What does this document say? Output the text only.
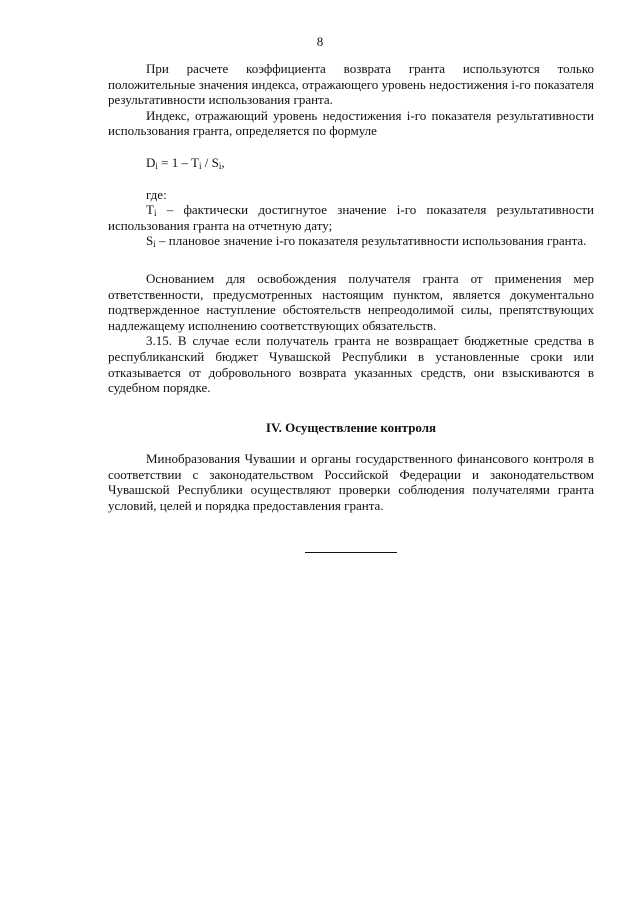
8

При расчете коэффициента возврата гранта используются только положительные значения индекса, отражающего уровень недостижения i-го показателя результативности использования гранта.

Индекс, отражающий уровень недостижения i-го показателя результативности использования гранта, определяется по формуле

$D_i = 1 - T_i / S_i$,

где:

$T_i$ – фактически достигнутое значение i-го показателя результативности использования гранта на отчетную дату;

$S_i$ – плановое значение i-го показателя результативности использования гранта.

Основанием для освобождения получателя гранта от применения мер ответственности, предусмотренных настоящим пунктом, является документально подтвержденное наступление обстоятельств непреодолимой силы, препятствующих надлежащему исполнению соответствующих обязательств.

3.15. В случае если получатель гранта не возвращает бюджетные средства в республиканский бюджет Чувашской Республики в установленные сроки или отказывается от добровольного возврата указанных средств, они взыскиваются в судебном порядке.

IV. Осуществление контроля

Минобразования Чувашии и органы государственного финансового контроля в соответствии с законодательством Российской Федерации и законодательством Чувашской Республики осуществляют проверки соблюдения получателями гранта условий, целей и порядка предоставления гранта.
